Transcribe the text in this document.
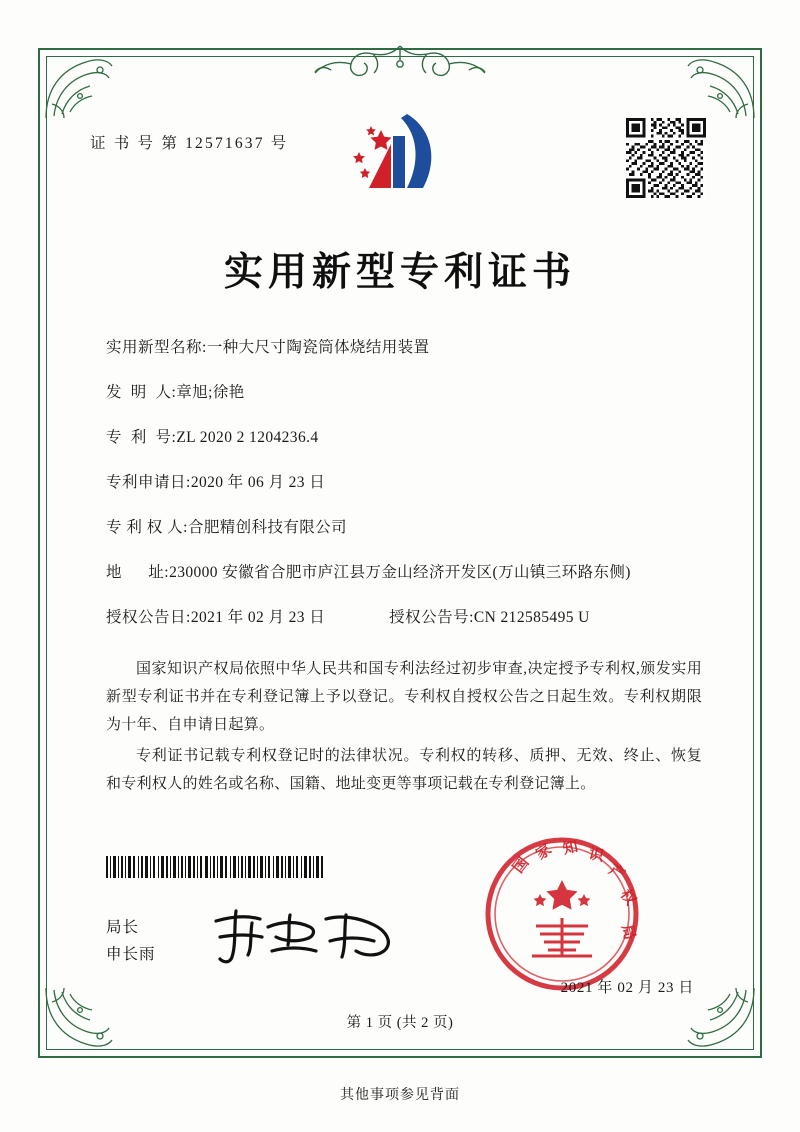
证 书 号 第 12571637 号
实用新型专利证书
实用新型名称: 一种大尺寸陶瓷筒体烧结用装置
发  明  人: 章旭;徐艳
专  利  号: ZL 2020 2 1204236.4
专利申请日: 2020 年 06 月 23 日
专 利 权 人: 合肥精创科技有限公司
地      址: 230000 安徽省合肥市庐江县万金山经济开发区(万山镇三环路东侧)
授权公告日: 2021 年 02 月 23 日	授权公告号: CN 212585495 U

国家知识产权局依照中华人民共和国专利法经过初步审查,决定授予专利权,颁发实用新型专利证书并在专利登记簿上予以登记。专利权自授权公告之日起生效。专利权期限为十年、自申请日起算。

专利证书记载专利权登记时的法律状况。专利权的转移、质押、无效、终止、恢复和专利权人的姓名或名称、国籍、地址变更等事项记载在专利登记簿上。

局长
申长雨
国
家 知 识
产
权
局
2021 年 02 月 23 日
第 1 页 (共 2 页)
其他事项参见背面
